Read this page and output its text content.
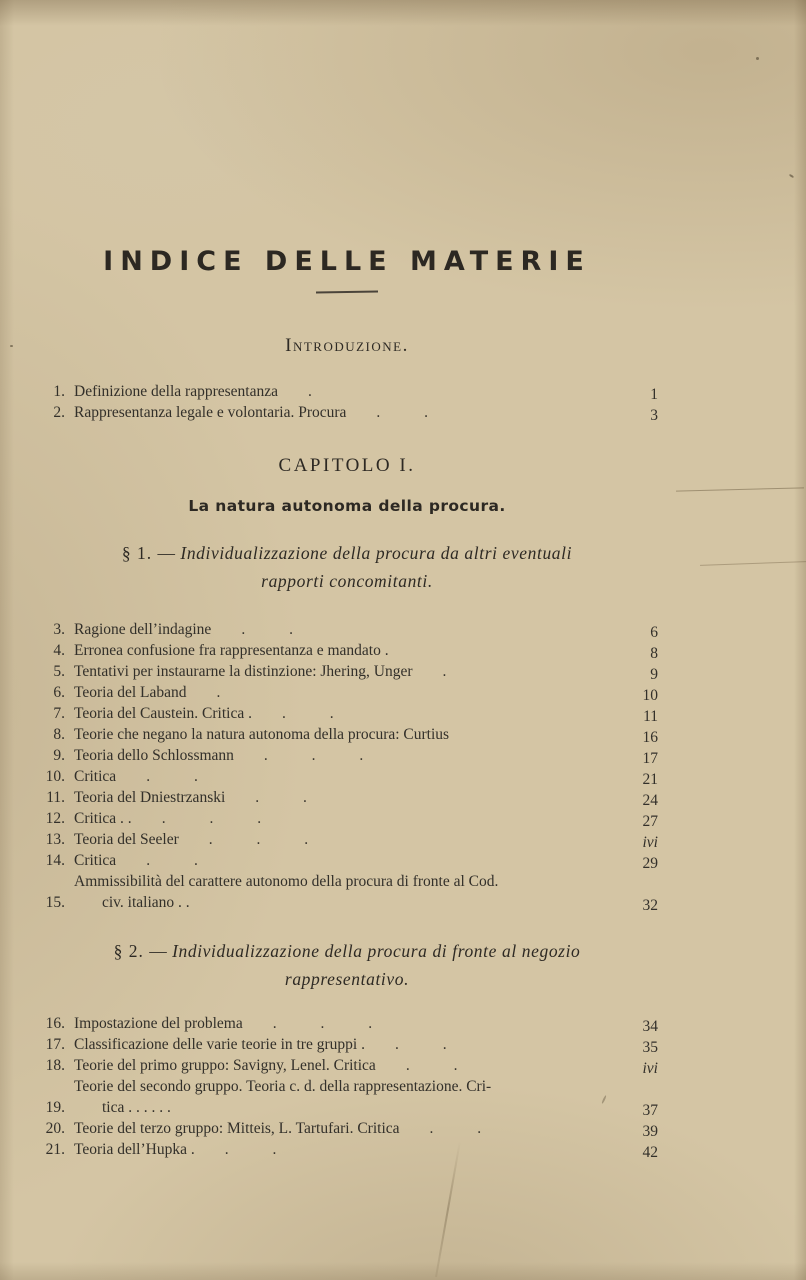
INDICE DELLE MATERIE
Introduzione.
1. Definizione della rappresentanza .	1
2. Rappresentanza legale e volontaria. Procura . .	3
CAPITOLO I.
La natura autonoma della procura.
§ 1. — Individualizzazione della procura da altri eventuali
rapporti concomitanti.
3. Ragione dell’indagine . .	6
4. Erronea confusione fra rappresentanza e mandato .	8
5. Tentativi per instaurarne la distinzione: Jhering, Unger .	9
6. Teoria del Laband .	10
7. Teoria del Caustein. Critica . . .	11
8. Teorie che negano la natura autonoma della procura: Curtius	16
9. Teoria dello Schlossmann . . .	17
10. Critica . .	21
11. Teoria del Dniestrzanski . .	24
12. Critica . . . . .	27
13. Teoria del Seeler . . .	ivi
14. Critica . .	29
15.
Ammissibilità del carattere autonomo della procura di fronte al Cod.
civ. italiano . .	32
§ 2. — Individualizzazione della procura di fronte al negozio
rappresentativo.
16. Impostazione del problema . . .	34
17. Classificazione delle varie teorie in tre gruppi . . .	35
18. Teorie del primo gruppo: Savigny, Lenel. Critica . .	ivi
19.
Teorie del secondo gruppo. Teoria c. d. della rappresentazione. Cri-
tica . . . . . .	37
20. Teorie del terzo gruppo: Mitteis, L. Tartufari. Critica . .	39
21. Teoria dell’Hupka . . .	42
